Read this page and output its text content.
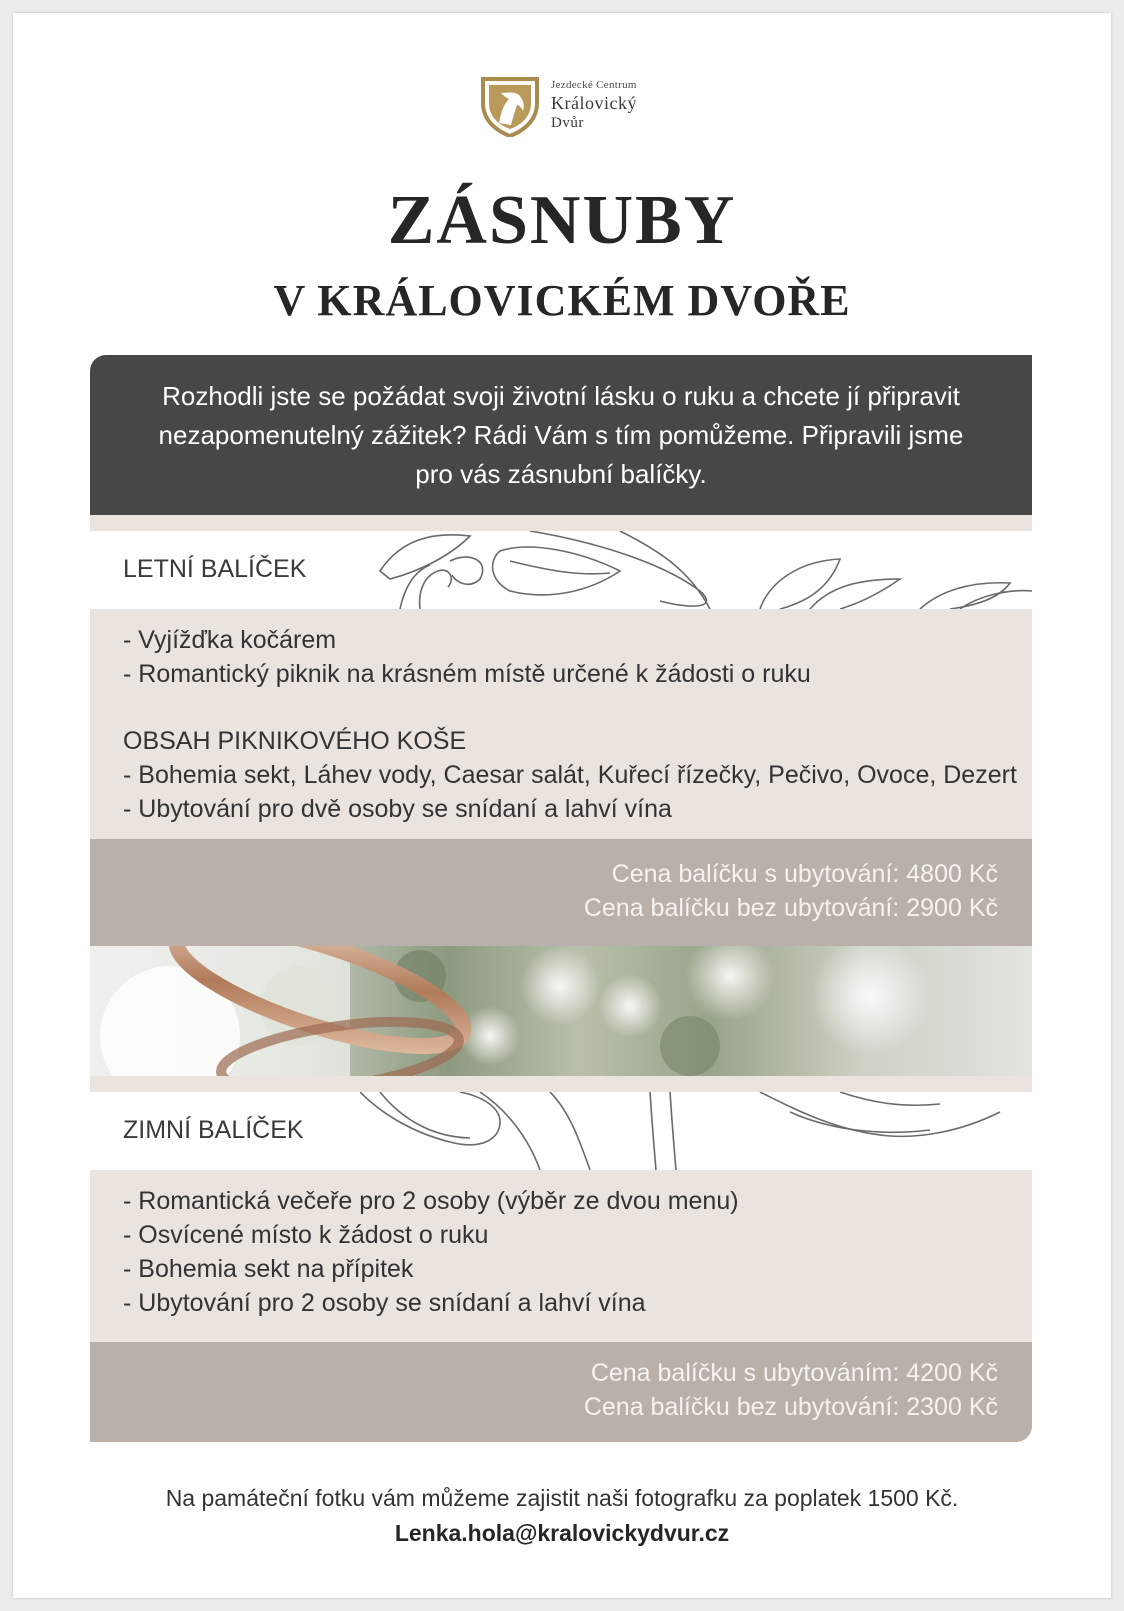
Jezdecké Centrum
Královický
Dvůr
ZÁSNUBY
V KRÁLOVICKÉM DVOŘE
Rozhodli jste se požádat svoji životní lásku o ruku a chcete jí připravit
nezapomenutelný zážitek? Rádi Vám s tím pomůžeme. Připravili jsme
pro vás zásnubní balíčky.
LETNÍ BALÍČEK
- Vyjížďka kočárem
- Romantický piknik na krásném místě určené k žádosti o ruku
OBSAH PIKNIKOVÉHO KOŠE
- Bohemia sekt, Láhev vody, Caesar salát, Kuřecí řízečky, Pečivo, Ovoce, Dezert
- Ubytování pro dvě osoby se snídaní a lahví vína
Cena balíčku s ubytování: 4800 Kč
Cena balíčku bez ubytování: 2900 Kč
ZIMNÍ BALÍČEK
- Romantická večeře pro 2 osoby (výběr ze dvou menu)
- Osvícené místo k žádost o ruku
- Bohemia sekt na přípitek
- Ubytování pro 2 osoby se snídaní a lahví vína
Cena balíčku s ubytováním: 4200 Kč
Cena balíčku bez ubytování: 2300 Kč
Na památeční fotku vám můžeme zajistit naši fotografku za poplatek 1500 Kč.
Lenka.hola@kralovickydvur.cz
